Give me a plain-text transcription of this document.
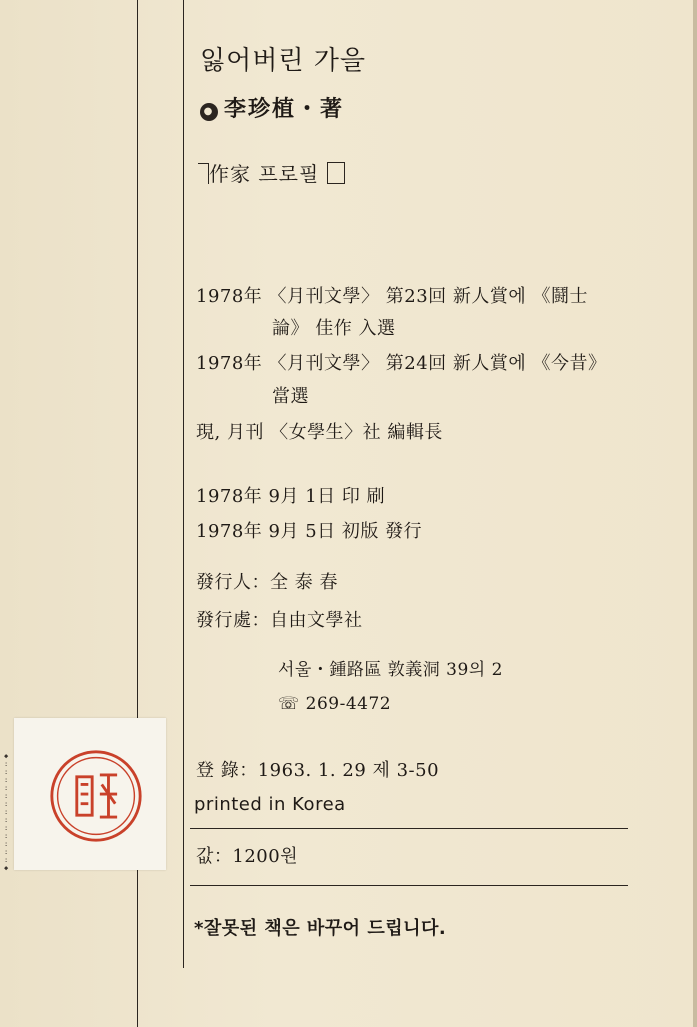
잃어버린 가을
● 李珍植・著
作家 프로필
1978年 〈月刊文學〉 第23回 新人賞에 《鬪士
論》 佳作 入選
1978年 〈月刊文學〉 第24回 新人賞에 《今昔》
當選
現, 月刊 〈女學生〉社 編輯長
1978年 9月 1日 印 刷
1978年 9月 5日 初版 發行
發行人：全 泰 春
發行處：自由文學社
서울・鍾路區 敦義洞 39의 2
☏ 269-4472
登 錄：1963. 1. 29 제 3-50
printed in Korea
값：1200원
*잘못된 책은 바꾸어 드립니다.
◆
:
:
:
:
:
:
:
:
:
:
:
:
:
◆
